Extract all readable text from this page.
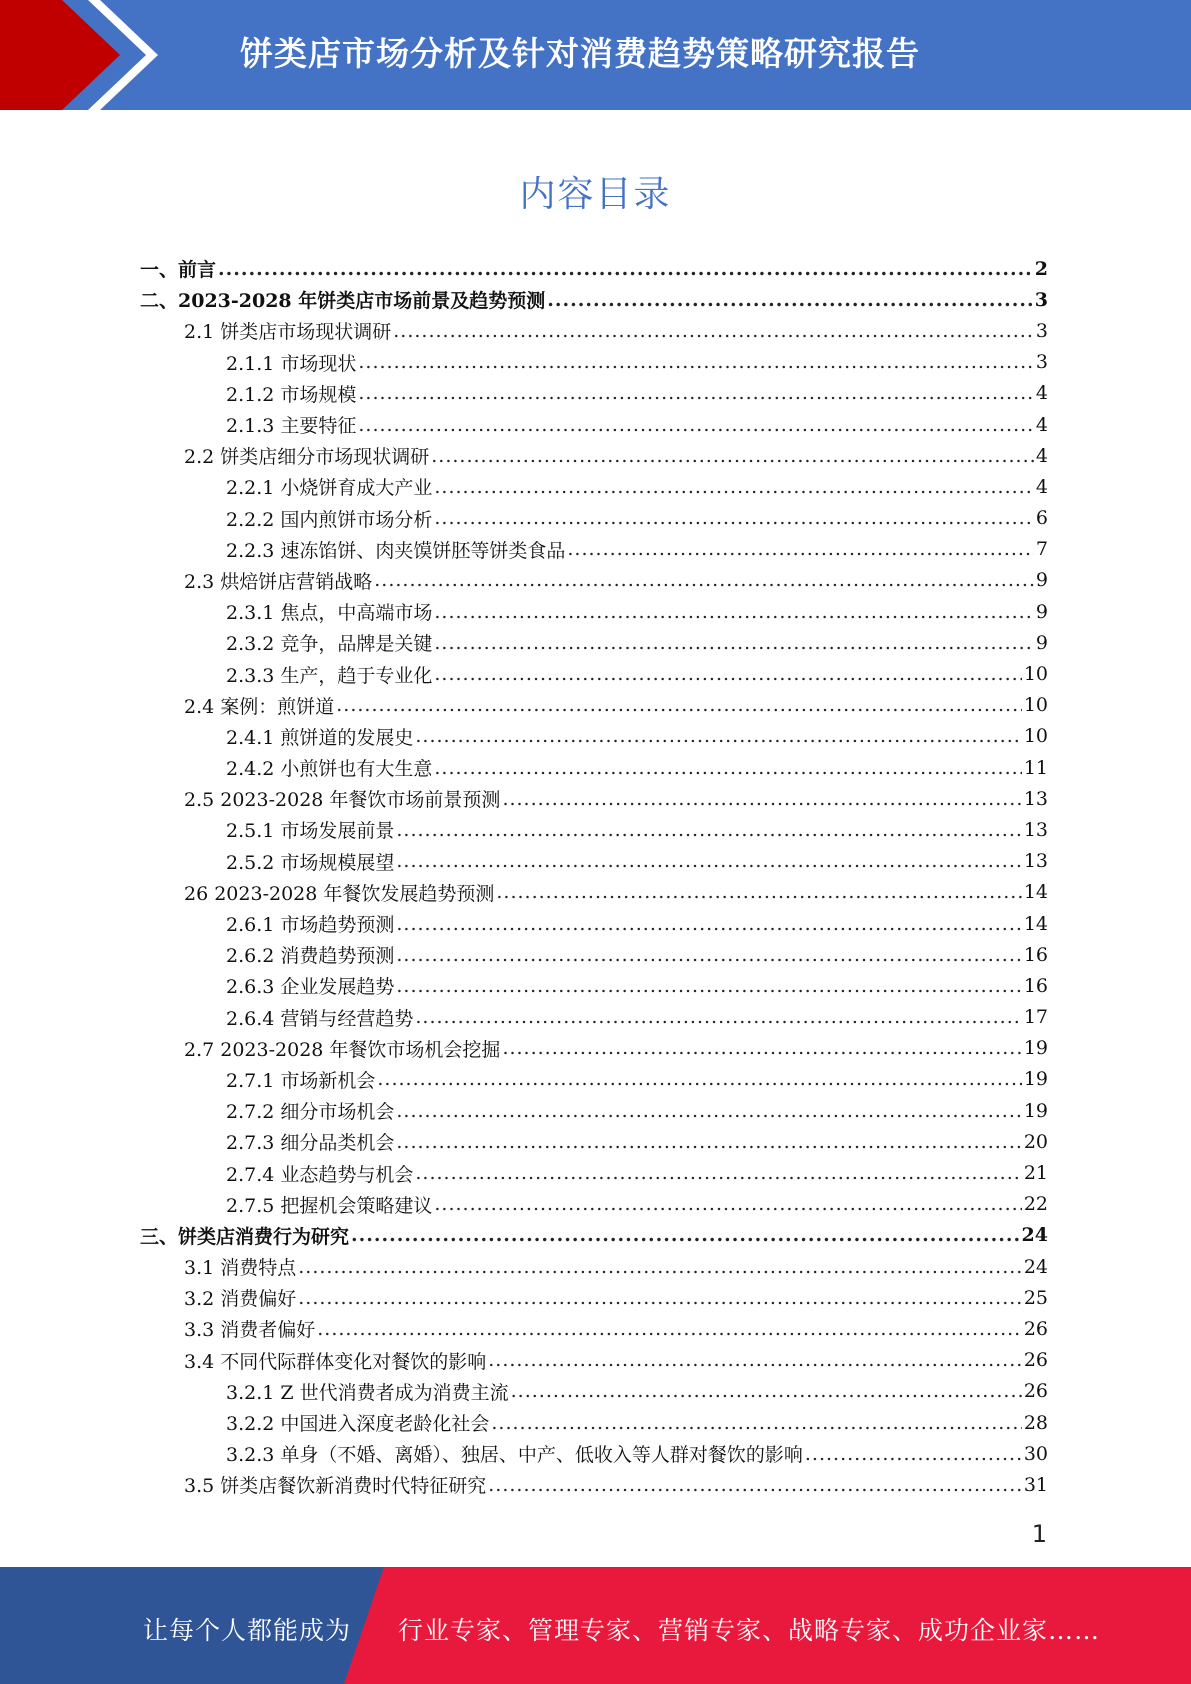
饼类店市场分析及针对消费趋势策略研究报告
内容目录
一、前言 .....	2
二、2023-2028 年饼类店市场前景及趋势预测 .....	3
2.1 饼类店市场现状调研 .....	3
2.1.1 市场现状 .....	3
2.1.2 市场规模 .....	4
2.1.3 主要特征 .....	4
2.2 饼类店细分市场现状调研 .....	4
2.2.1 小烧饼育成大产业 .....	4
2.2.2 国内煎饼市场分析 .....	6
2.2.3 速冻馅饼、肉夹馍饼胚等饼类食品 .....	7
2.3 烘焙饼店营销战略 .....	9
2.3.1 焦点，中高端市场 .....	9
2.3.2 竞争，品牌是关键 .....	9
2.3.3 生产，趋于专业化 .....	10
2.4 案例：煎饼道 .....	10
2.4.1 煎饼道的发展史 .....	10
2.4.2 小煎饼也有大生意 .....	11
2.5 2023-2028 年餐饮市场前景预测 .....	13
2.5.1 市场发展前景 .....	13
2.5.2 市场规模展望 .....	13
26 2023-2028 年餐饮发展趋势预测 .....	14
2.6.1 市场趋势预测 .....	14
2.6.2 消费趋势预测 .....	16
2.6.3 企业发展趋势 .....	16
2.6.4 营销与经营趋势 .....	17
2.7 2023-2028 年餐饮市场机会挖掘 .....	19
2.7.1 市场新机会 .....	19
2.7.2 细分市场机会 .....	19
2.7.3 细分品类机会 .....	20
2.7.4 业态趋势与机会 .....	21
2.7.5 把握机会策略建议 .....	22
三、饼类店消费行为研究 .....	24
3.1 消费特点 .....	24
3.2 消费偏好 .....	25
3.3 消费者偏好 .....	26
3.4 不同代际群体变化对餐饮的影响 .....	26
3.2.1 Z 世代消费者成为消费主流 .....	26
3.2.2 中国进入深度老龄化社会 .....	28
3.2.3 单身（不婚、离婚）、独居、中产、低收入等人群对餐饮的影响 .....	30
3.5 饼类店餐饮新消费时代特征研究 .....	31
1
让每个人都能成为 行业专家、管理专家、营销专家、战略专家、成功企业家……
